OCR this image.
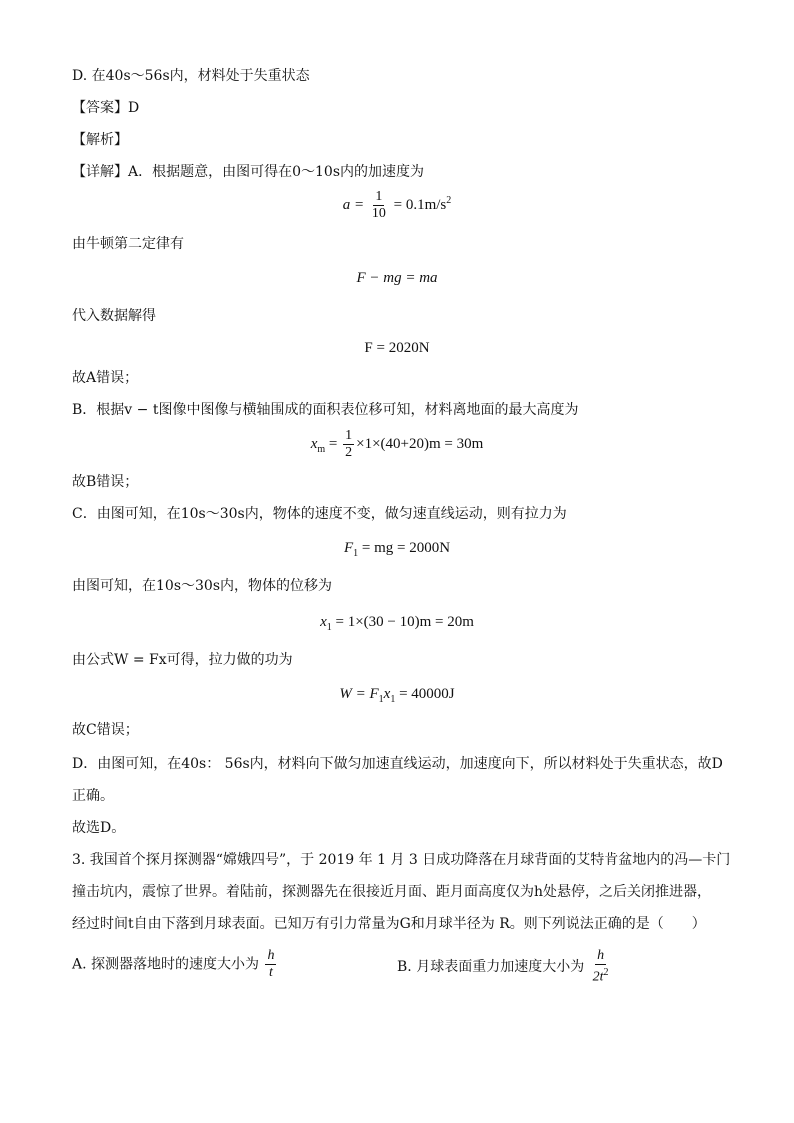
D. 在40s～56s内，材料处于失重状态
【答案】D
【解析】
【详解】A．根据题意，由图可得在0～10s内的加速度为
$a = \frac{1}{10} = 0.1m/s^2$
由牛顿第二定律有
F − mg = ma
代入数据解得
F = 2020N
故A错误；
B．根据v − t图像中图像与横轴围成的面积表位移可知，材料离地面的最大高度为
$x_m = \frac{1}{2} \times 1\times(40+20)m = 30m$
故B错误；
C．由图可知，在10s～30s内，物体的速度不变，做匀速直线运动，则有拉力为
$F_1$ = mg = 2000N
由图可知，在10s～30s内，物体的位移为
$x_1 = 1\times(30 - 10)m = 20m$
由公式W = Fx可得，拉力做的功为
$W = F_1x_1 = 40000J$
故C错误；
D．由图可知，在40s： 56s内，材料向下做匀加速直线运动，加速度向下，所以材料处于失重状态，故D
正确。
故选D。
3. 我国首个探月探测器“嫦娥四号”，于 2019 年 1 月 3 日成功降落在月球背面的艾特肯盆地内的冯—卡门
撞击坑内，震惊了世界。着陆前，探测器先在很接近月面、距月面高度仅为h处悬停，之后关闭推进器，
经过时间t自由下落到月球表面。已知万有引力常量为G和月球半径为 R。则下列说法正确的是（　　）
A. 探测器落地时的速度大小为 $\frac{h}{t}$	B. 月球表面重力加速度大小为 $\frac{h}{2t^2}$
